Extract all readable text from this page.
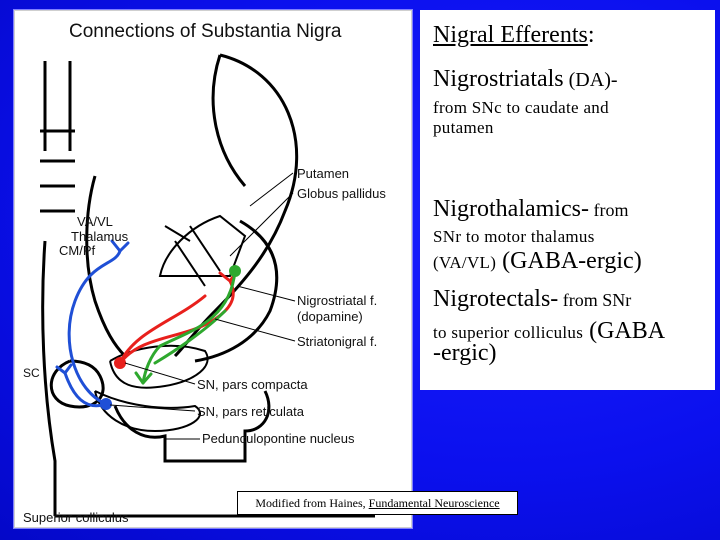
Connections of Substantia Nigra
Putamen
Globus pallidus
VA/VL
Thalamus
CM/Pf
Nigrostriatal f.
(dopamine)
Striatonigral f.
SN, pars compacta
SN, pars reticulata
Pedunculopontine nucleus
SC
Superior colliculus
Nigral Efferents:
Nigrostriatals (DA)-
from SNc to caudate and
putamen
Nigrothalamics- from
SNr to motor thalamus
(VA/VL) (GABA-ergic)
Nigrotectals- from SNr
to superior colliculus (GABA
-ergic)
Modified from Haines, Fundamental Neuroscience
